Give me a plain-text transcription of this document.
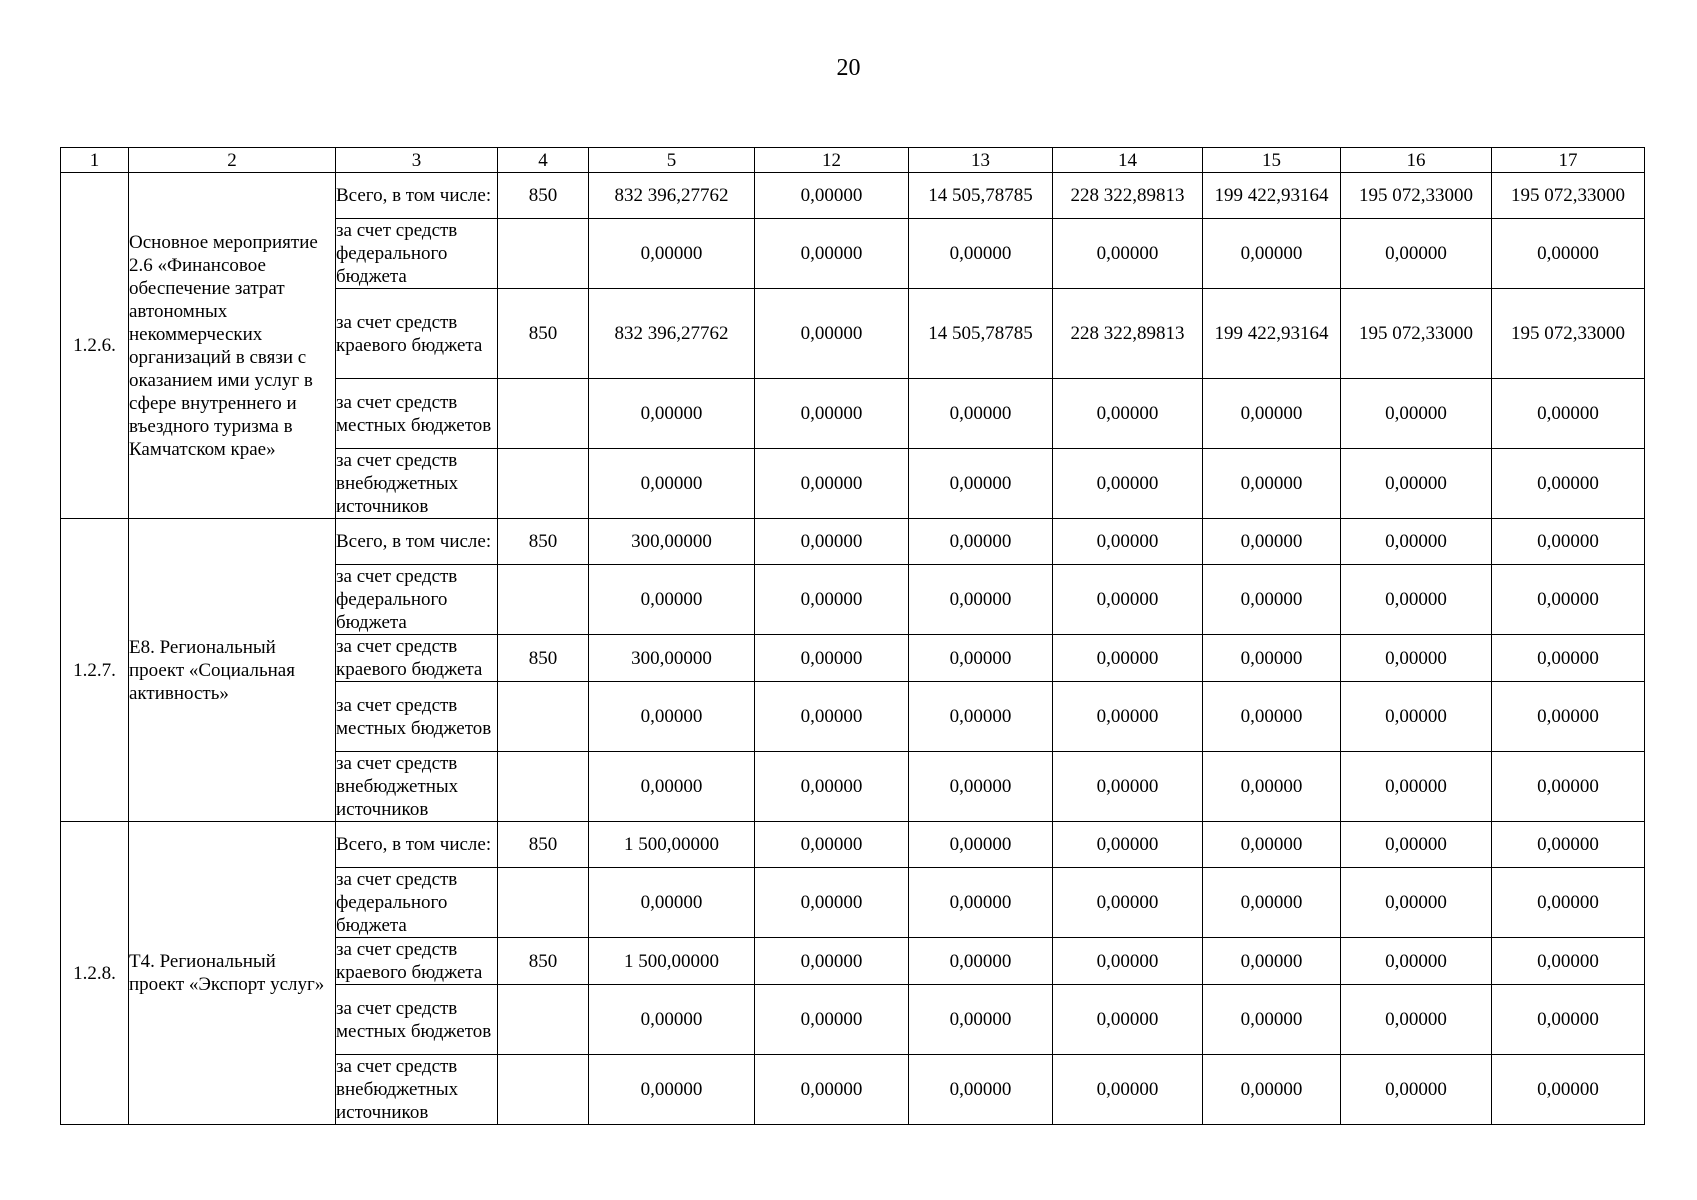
20
1	2	3	4	5	12	13	14	15	16	17
1.2.6.	Основное мероприятие 2.6 «Финансовое обеспечение затрат автономных некоммерческих организаций в связи с оказанием ими услуг в сфере внутреннего и въездного туризма в Камчатском крае»	Всего, в том числе:	850	832 396,27762	0,00000	14 505,78785	228 322,89813	199 422,93164	195 072,33000	195 072,33000
		за счет средств федерального бюджета		0,00000	0,00000	0,00000	0,00000	0,00000	0,00000	0,00000
		за счет средств краевого бюджета	850	832 396,27762	0,00000	14 505,78785	228 322,89813	199 422,93164	195 072,33000	195 072,33000
		за счет средств местных бюджетов		0,00000	0,00000	0,00000	0,00000	0,00000	0,00000	0,00000
		за счет средств внебюджетных источников		0,00000	0,00000	0,00000	0,00000	0,00000	0,00000	0,00000
1.2.7.	Е8. Региональный проект «Социальная активность»	Всего, в том числе:	850	300,00000	0,00000	0,00000	0,00000	0,00000	0,00000	0,00000
		за счет средств федерального бюджета		0,00000	0,00000	0,00000	0,00000	0,00000	0,00000	0,00000
		за счет средств краевого бюджета	850	300,00000	0,00000	0,00000	0,00000	0,00000	0,00000	0,00000
		за счет средств местных бюджетов		0,00000	0,00000	0,00000	0,00000	0,00000	0,00000	0,00000
		за счет средств внебюджетных источников		0,00000	0,00000	0,00000	0,00000	0,00000	0,00000	0,00000
1.2.8.	Т4. Региональный проект «Экспорт услуг»	Всего, в том числе:	850	1 500,00000	0,00000	0,00000	0,00000	0,00000	0,00000	0,00000
		за счет средств федерального бюджета		0,00000	0,00000	0,00000	0,00000	0,00000	0,00000	0,00000
		за счет средств краевого бюджета	850	1 500,00000	0,00000	0,00000	0,00000	0,00000	0,00000	0,00000
		за счет средств местных бюджетов		0,00000	0,00000	0,00000	0,00000	0,00000	0,00000	0,00000
		за счет средств внебюджетных источников		0,00000	0,00000	0,00000	0,00000	0,00000	0,00000	0,00000
